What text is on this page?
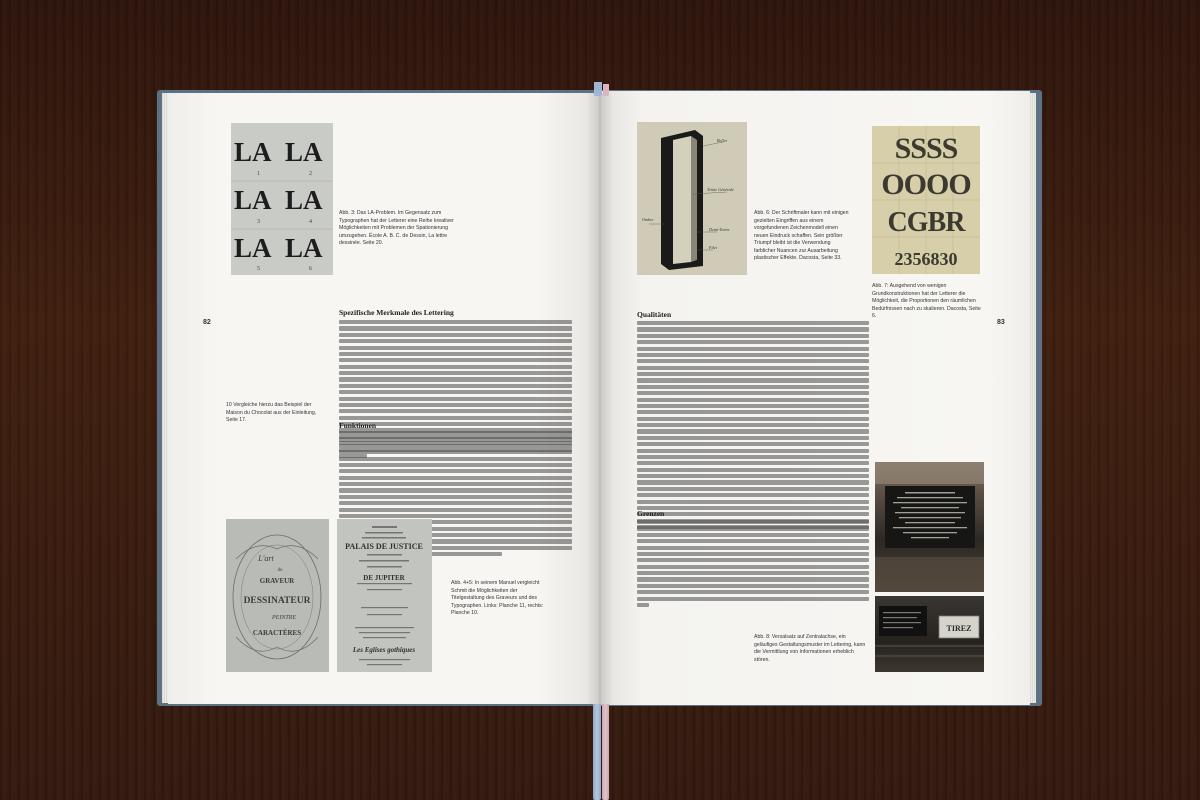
LA LA
LA LA
LA LA
1	2
3	4
5	6
Abb. 3: Das LA-Problem. Im Gegensatz zum Typographen hat der Letterer eine Reihe kreativer Möglichkeiten mit Problemen der Spationierung umzugehen. École A. B. C. de Dessin, La lettre dessinée. Seite 20.
82
Spezifische Merkmale des Lettering
10 Vergleiche hierzu das Beispiel der Maison du Chocolat aus der Einleitung, Seite 17.
Funktionen
L'art
du
GRAVEUR
DESSINATEUR
PEINTRE
CARACTÈRES
PALAIS DE JUSTICE
DE JUPITER
Les Eglises gothiques
Abb. 4+5: In seinem Manuel vergleicht Schmit die Möglichkeiten der Titelgestaltung des Graveurs und des Typographen. Links: Planche 11, rechts: Planche 10.
Reflet
Teinte Générale
Ombre
Demi-Teinte
Filet
Abb. 6: Der Schriftmaler kann mit einigen gezielten Eingriffen aus einem vorgefundenen Zeichenmodell einen neuen Eindruck schaffen. Sein größter Triumpf bleibt ist die Verwendung farblicher Nuancen zur Ausarbeitung plastischer Effekte. Dacosta, Seite 33.
SSSS
OOOO
CGBR
2356830
Abb. 7: Ausgehend von wenigen Grundkonstruktionen hat der Letterer die Möglichkeit, die Proportionen den räumlichen Bedürfnissen nach zu skalieren. Dacosta, Seite 6.
83
Qualitäten
Grenzen
TIREZ
Abb. 8: Versalsatz auf Zentralachse, ein geläufiges Gestaltungsmuster im Lettering, kann die Vermittlung von Informationen erheblich stören.
